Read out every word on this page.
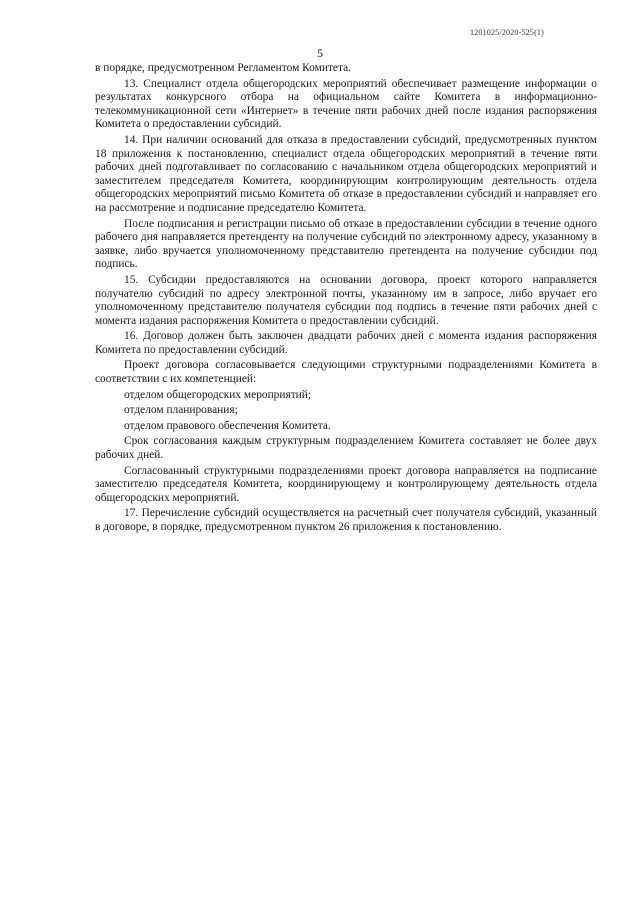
1201025/2020-525(1)
5

в порядке, предусмотренном Регламентом Комитета.

13. Специалист отдела общегородских мероприятий обеспечивает размещение информации о результатах конкурсного отбора на официальном сайте Комитета в информационно-телекоммуникационной сети «Интернет» в течение пяти рабочих дней после издания распоряжения Комитета о предоставлении субсидий.

14. При наличии оснований для отказа в предоставлении субсидий, предусмотренных пунктом 18 приложения к постановлению, специалист отдела общегородских мероприятий в течение пяти рабочих дней подготавливает по согласованию с начальником отдела общегородских мероприятий и заместителем председателя Комитета, координирующим контролирующим деятельность отдела общегородских мероприятий письмо Комитета об отказе в предоставлении субсидий и направляет его на рассмотрение и подписание председателю Комитета.

После подписания и регистрации письмо об отказе в предоставлении субсидии в течение одного рабочего дня направляется претенденту на получение субсидий по электронному адресу, указанному в заявке, либо вручается уполномоченному представителю претендента на получение субсидии под подпись.

15. Субсидии предоставляются на основании договора, проект которого направляется получателю субсидий по адресу электронной почты, указанному им в запросе, либо вручает его уполномоченному представителю получателя субсидии под подпись в течение пяти рабочих дней с момента издания распоряжения Комитета о предоставлении субсидий.

16. Договор должен быть заключен двадцати рабочих дней с момента издания распоряжения Комитета по предоставлении субсидий.

Проект договора согласовывается следующими структурными подразделениями Комитета в соответствии с их компетенцией:

отделом общегородских мероприятий;

отделом планирования;

отделом правового обеспечения Комитета.

Срок согласования каждым структурным подразделением Комитета составляет не более двух рабочих дней.

Согласованный структурными подразделениями проект договора направляется на подписание заместителю председателя Комитета, координирующему и контролирующему деятельность отдела общегородских мероприятий.

17. Перечисление субсидий осуществляется на расчетный счет получателя субсидий, указанный в договоре, в порядке, предусмотренном пунктом 26 приложения к постановлению.
